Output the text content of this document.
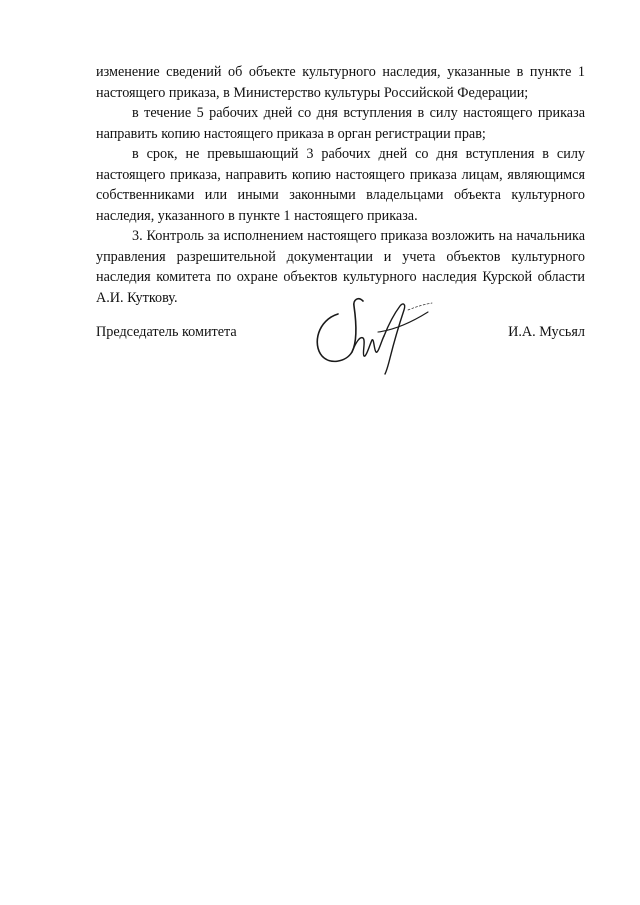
изменение сведений об объекте культурного наследия, указанные в пункте 1 настоящего приказа, в Министерство культуры Российской Федерации;

в течение 5 рабочих дней со дня вступления в силу настоящего приказа направить копию настоящего приказа в орган регистрации прав;

в срок, не превышающий 3 рабочих дней со дня вступления в силу настоящего приказа, направить копию настоящего приказа лицам, являющимся собственниками или иными законными владельцами объекта культурного наследия, указанного в пункте 1 настоящего приказа.

3. Контроль за исполнением настоящего приказа возложить на начальника управления разрешительной документации и учета объектов культурного наследия комитета по охране объектов культурного наследия Курской области А.И. Куткову.

Председатель комитета	И.А. Мусьял
